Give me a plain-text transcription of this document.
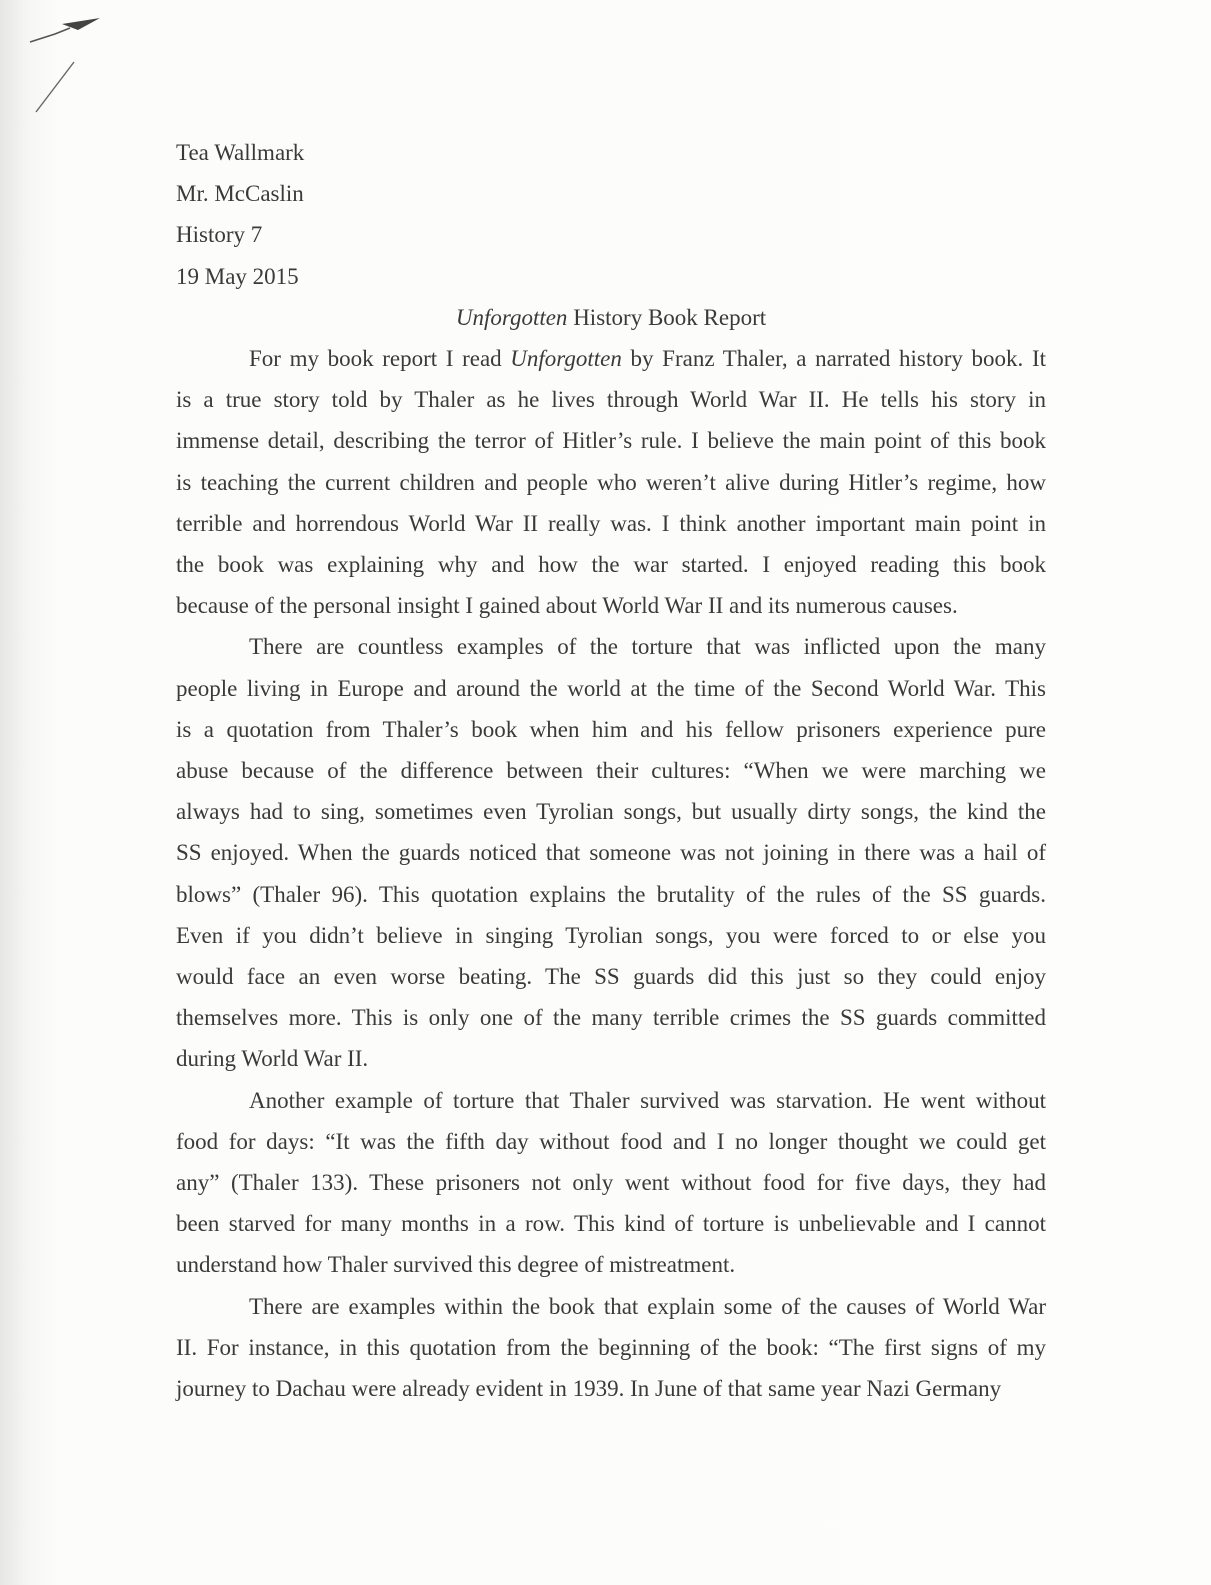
Tea Wallmark
Mr. McCaslin
History 7
19 May 2015
Unforgotten History Book Report
For my book report I read Unforgotten by Franz Thaler, a narrated history book. It
is a true story told by Thaler as he lives through World War II. He tells his story in
immense detail, describing the terror of Hitler’s rule. I believe the main point of this book
is teaching the current children and people who weren’t alive during Hitler’s regime, how
terrible and horrendous World War II really was. I think another important main point in
the book was explaining why and how the war started. I enjoyed reading this book
because of the personal insight I gained about World War II and its numerous causes.
There are countless examples of the torture that was inflicted upon the many
people living in Europe and around the world at the time of the Second World War. This
is a quotation from Thaler’s book when him and his fellow prisoners experience pure
abuse because of the difference between their cultures: “When we were marching we
always had to sing, sometimes even Tyrolian songs, but usually dirty songs, the kind the
SS enjoyed. When the guards noticed that someone was not joining in there was a hail of
blows” (Thaler 96). This quotation explains the brutality of the rules of the SS guards.
Even if you didn’t believe in singing Tyrolian songs, you were forced to or else you
would face an even worse beating. The SS guards did this just so they could enjoy
themselves more. This is only one of the many terrible crimes the SS guards committed
during World War II.
Another example of torture that Thaler survived was starvation. He went without
food for days: “It was the fifth day without food and I no longer thought we could get
any” (Thaler 133). These prisoners not only went without food for five days, they had
been starved for many months in a row. This kind of torture is unbelievable and I cannot
understand how Thaler survived this degree of mistreatment.
There are examples within the book that explain some of the causes of World War
II. For instance, in this quotation from the beginning of the book: “The first signs of my
journey to Dachau were already evident in 1939. In June of that same year Nazi Germany
